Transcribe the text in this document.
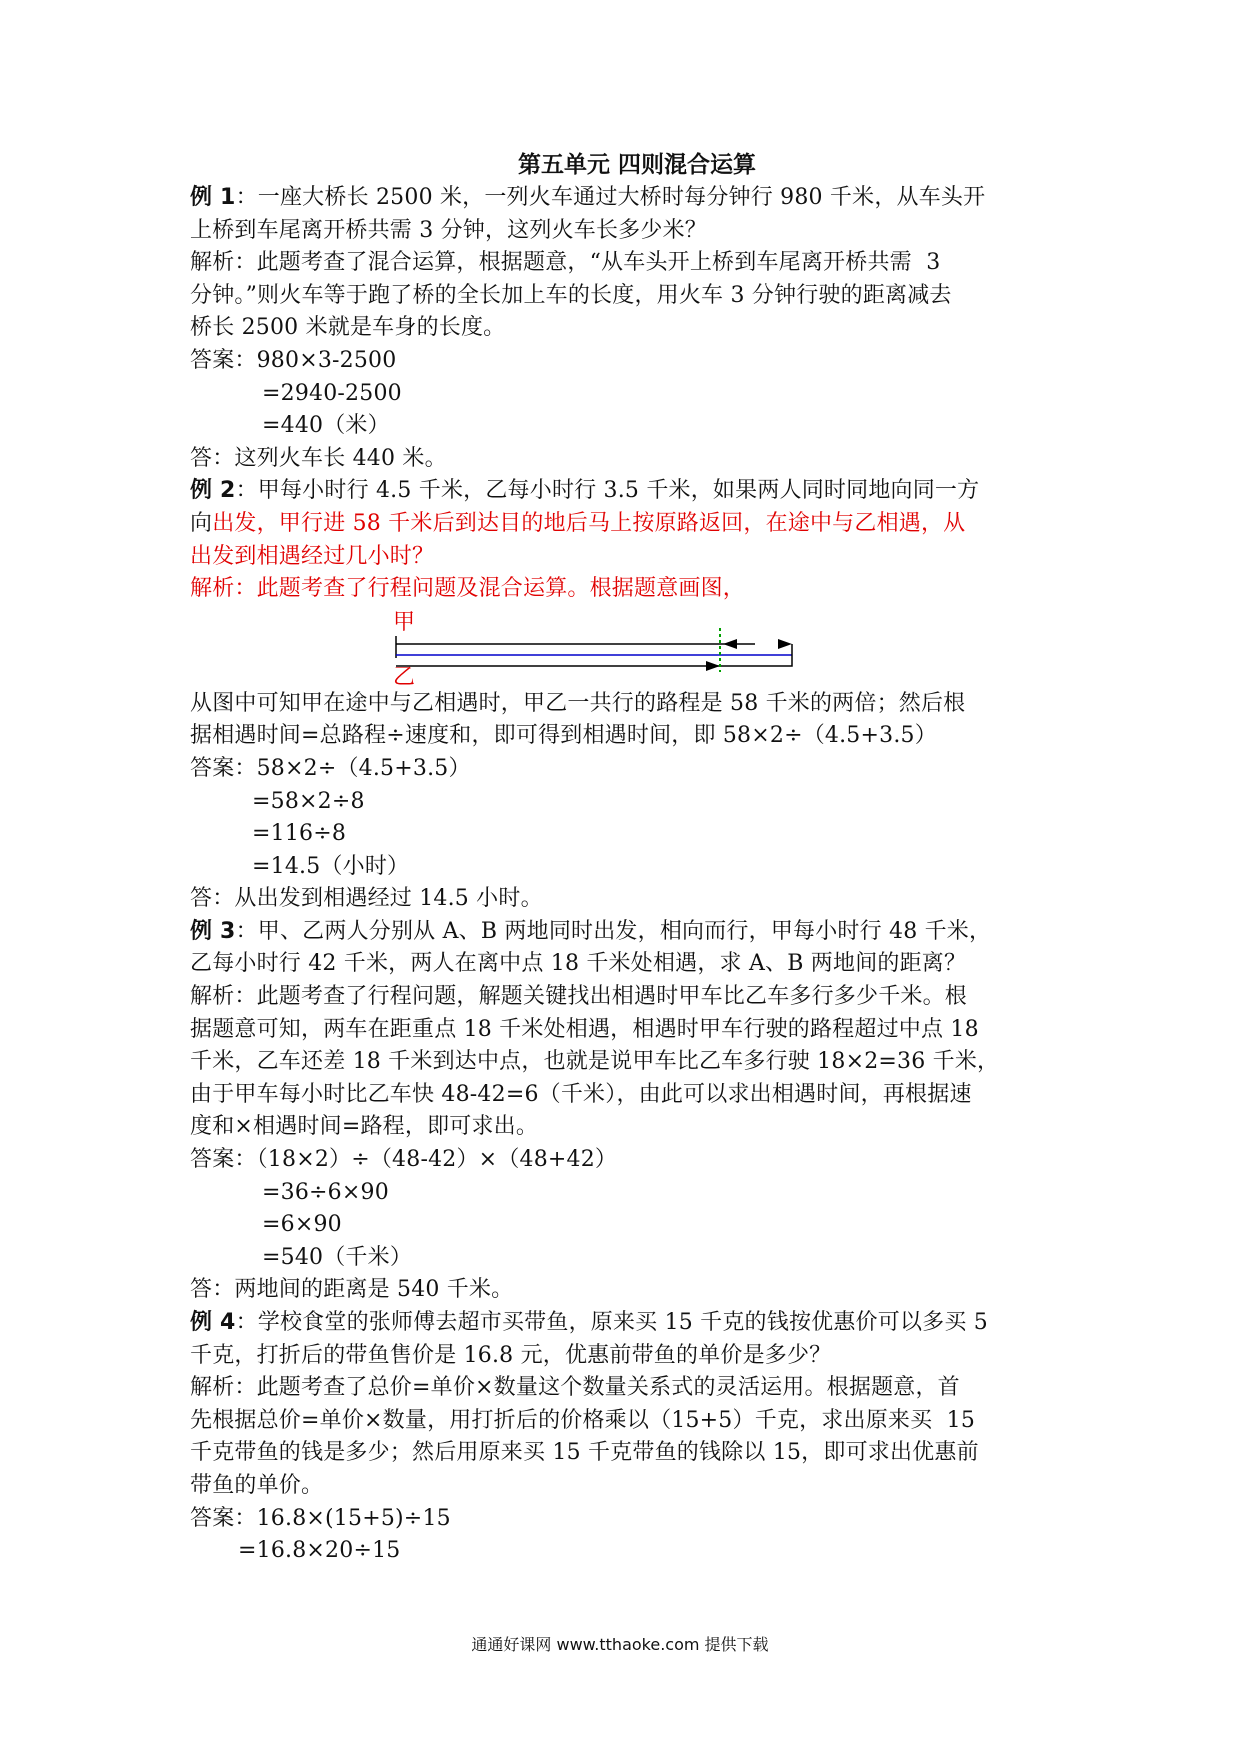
第五单元 四则混合运算

例 1：一座大桥长 2500 米，一列火车通过大桥时每分钟行 980 千米，从车头开

上桥到车尾离开桥共需 3 分钟，这列火车长多少米？

解析：此题考查了混合运算，根据题意，“从车头开上桥到车尾离开桥共需  3

分钟。”则火车等于跑了桥的全长加上车的长度，用火车 3 分钟行驶的距离减去

桥长 2500 米就是车身的长度。

答案：980×3-2500

=2940-2500

=440（米）

答：这列火车长 440 米。

例 2：甲每小时行 4.5 千米，乙每小时行 3.5 千米，如果两人同时同地向同一方

向出发，甲行进 58 千米后到达目的地后马上按原路返回，在途中与乙相遇，从

出发到相遇经过几小时？

解析：此题考查了行程问题及混合运算。根据题意画图，

甲
乙

从图中可知甲在途中与乙相遇时，甲乙一共行的路程是 58 千米的两倍；然后根

据相遇时间=总路程÷速度和，即可得到相遇时间，即 58×2÷（4.5+3.5）

答案：58×2÷（4.5+3.5）

=58×2÷8

=116÷8

=14.5（小时）

答：从出发到相遇经过 14.5 小时。

例 3：甲、乙两人分别从 A、B 两地同时出发，相向而行，甲每小时行 48 千米，

乙每小时行 42 千米，两人在离中点 18 千米处相遇，求 A、B 两地间的距离？

解析：此题考查了行程问题，解题关键找出相遇时甲车比乙车多行多少千米。根

据题意可知，两车在距重点 18 千米处相遇，相遇时甲车行驶的路程超过中点 18

千米，乙车还差 18 千米到达中点，也就是说甲车比乙车多行驶 18×2=36 千米，

由于甲车每小时比乙车快 48-42=6（千米），由此可以求出相遇时间，再根据速

度和×相遇时间=路程，即可求出。

答案：（18×2）÷（48-42）×（48+42）

=36÷6×90

=6×90

=540（千米）

答：两地间的距离是 540 千米。

例 4：学校食堂的张师傅去超市买带鱼，原来买 15 千克的钱按优惠价可以多买 5

千克，打折后的带鱼售价是 16.8 元，优惠前带鱼的单价是多少？

解析：此题考查了总价=单价×数量这个数量关系式的灵活运用。根据题意，首

先根据总价=单价×数量，用打折后的价格乘以（15+5）千克，求出原来买  15

千克带鱼的钱是多少；然后用原来买 15 千克带鱼的钱除以 15，即可求出优惠前

带鱼的单价。

答案：16.8×(15+5)÷15

=16.8×20÷15

通通好课网 www.tthaoke.com 提供下载
